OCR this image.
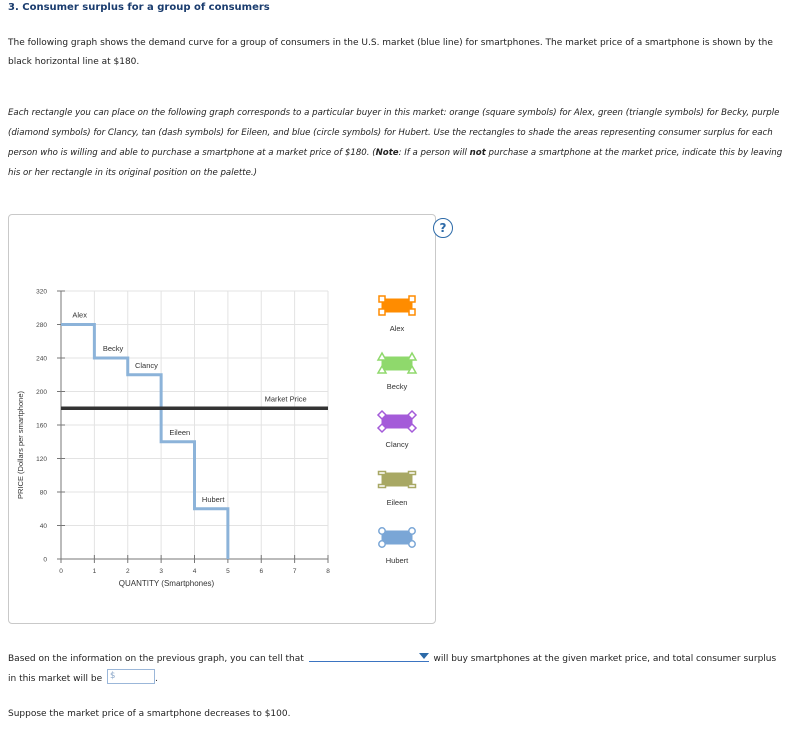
3. Consumer surplus for a group of consumers

The following graph shows the demand curve for a group of consumers in the U.S. market (blue line) for smartphones. The market price of a smartphone is shown by the black horizontal line at $180.

Each rectangle you can place on the following graph corresponds to a particular buyer in this market: orange (square symbols) for Alex, green (triangle symbols) for Becky, purple (diamond symbols) for Clancy, tan (dash symbols) for Eileen, and blue (circle symbols) for Hubert. Use the rectangles to shade the areas representing consumer surplus for each person who is willing and able to purchase a smartphone at a market price of $180. (Note: If a person will not purchase a smartphone at the market price, indicate this by leaving his or her rectangle in its original position on the palette.)

0	1	2	3	4	5	6	7	8
0
40
80
120
160
200
240
280
320
QUANTITY (Smartphones)
PRICE (Dollars per smartphone)
Alex
Becky
Clancy
Eileen
Hubert
Market Price
Alex
Becky
Clancy
Eileen
Hubert
?

Based on the information on the previous graph, you can tell that	will buy smartphones at the given market price, and total consumer surplus in this market will be $	.

Suppose the market price of a smartphone decreases to $100.
